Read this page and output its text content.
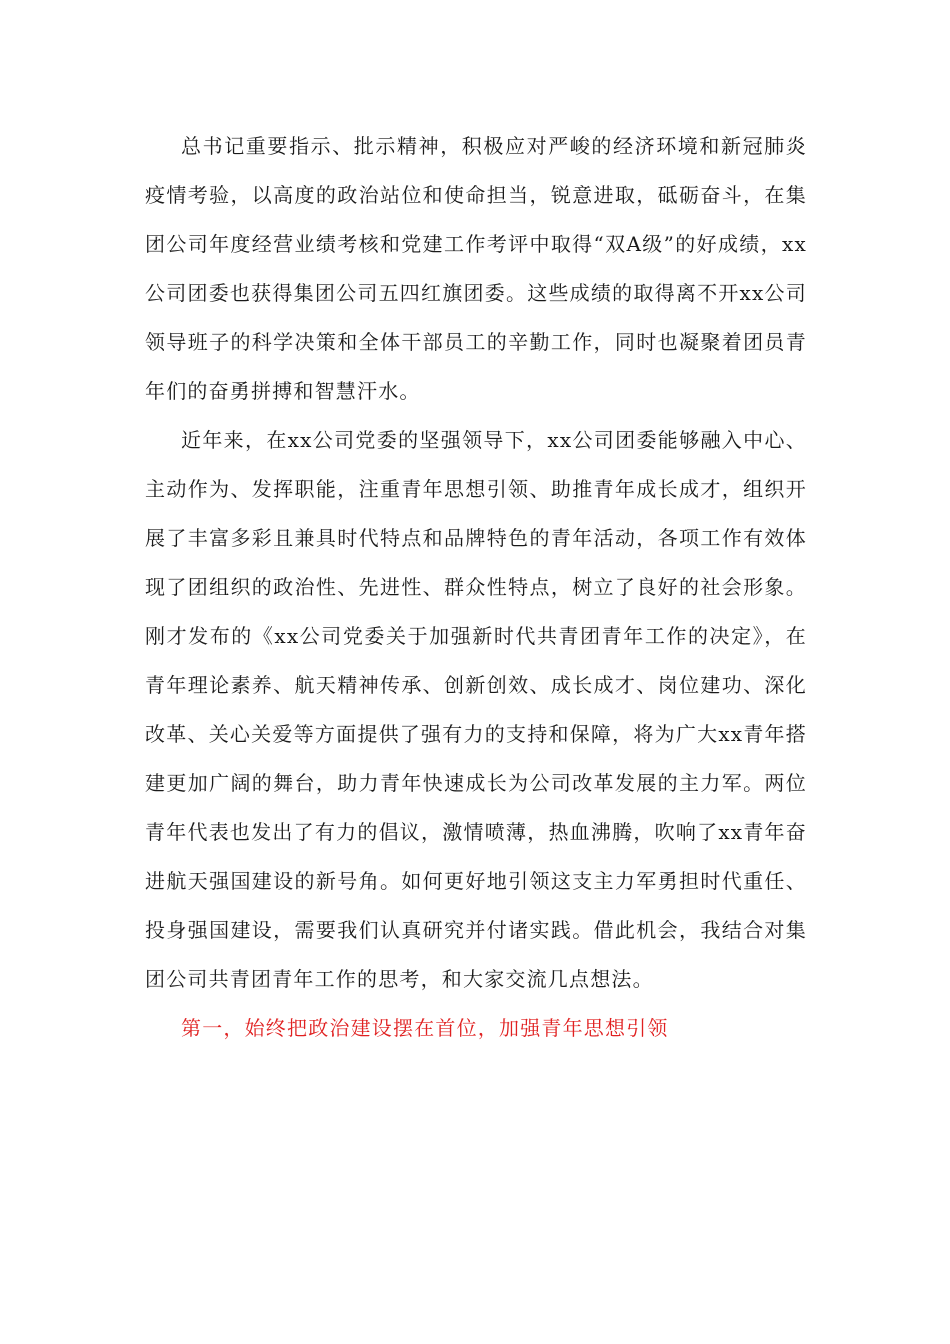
总书记重要指示、批示精神，积极应对严峻的经济环境和新冠肺炎疫情考验，以高度的政治站位和使命担当，锐意进取，砥砺奋斗，在集团公司年度经营业绩考核和党建工作考评中取得“双A级”的好成绩，xx公司团委也获得集团公司五四红旗团委。这些成绩的取得离不开xx公司领导班子的科学决策和全体干部员工的辛勤工作，同时也凝聚着团员青年们的奋勇拼搏和智慧汗水。

近年来，在xx公司党委的坚强领导下，xx公司团委能够融入中心、主动作为、发挥职能，注重青年思想引领、助推青年成长成才，组织开展了丰富多彩且兼具时代特点和品牌特色的青年活动，各项工作有效体现了团组织的政治性、先进性、群众性特点，树立了良好的社会形象。刚才发布的《xx公司党委关于加强新时代共青团青年工作的决定》，在青年理论素养、航天精神传承、创新创效、成长成才、岗位建功、深化改革、关心关爱等方面提供了强有力的支持和保障，将为广大xx青年搭建更加广阔的舞台，助力青年快速成长为公司改革发展的主力军。两位青年代表也发出了有力的倡议，激情喷薄，热血沸腾，吹响了xx青年奋进航天强国建设的新号角。如何更好地引领这支主力军勇担时代重任、投身强国建设，需要我们认真研究并付诸实践。借此机会，我结合对集团公司共青团青年工作的思考，和大家交流几点想法。

第一，始终把政治建设摆在首位，加强青年思想引领
